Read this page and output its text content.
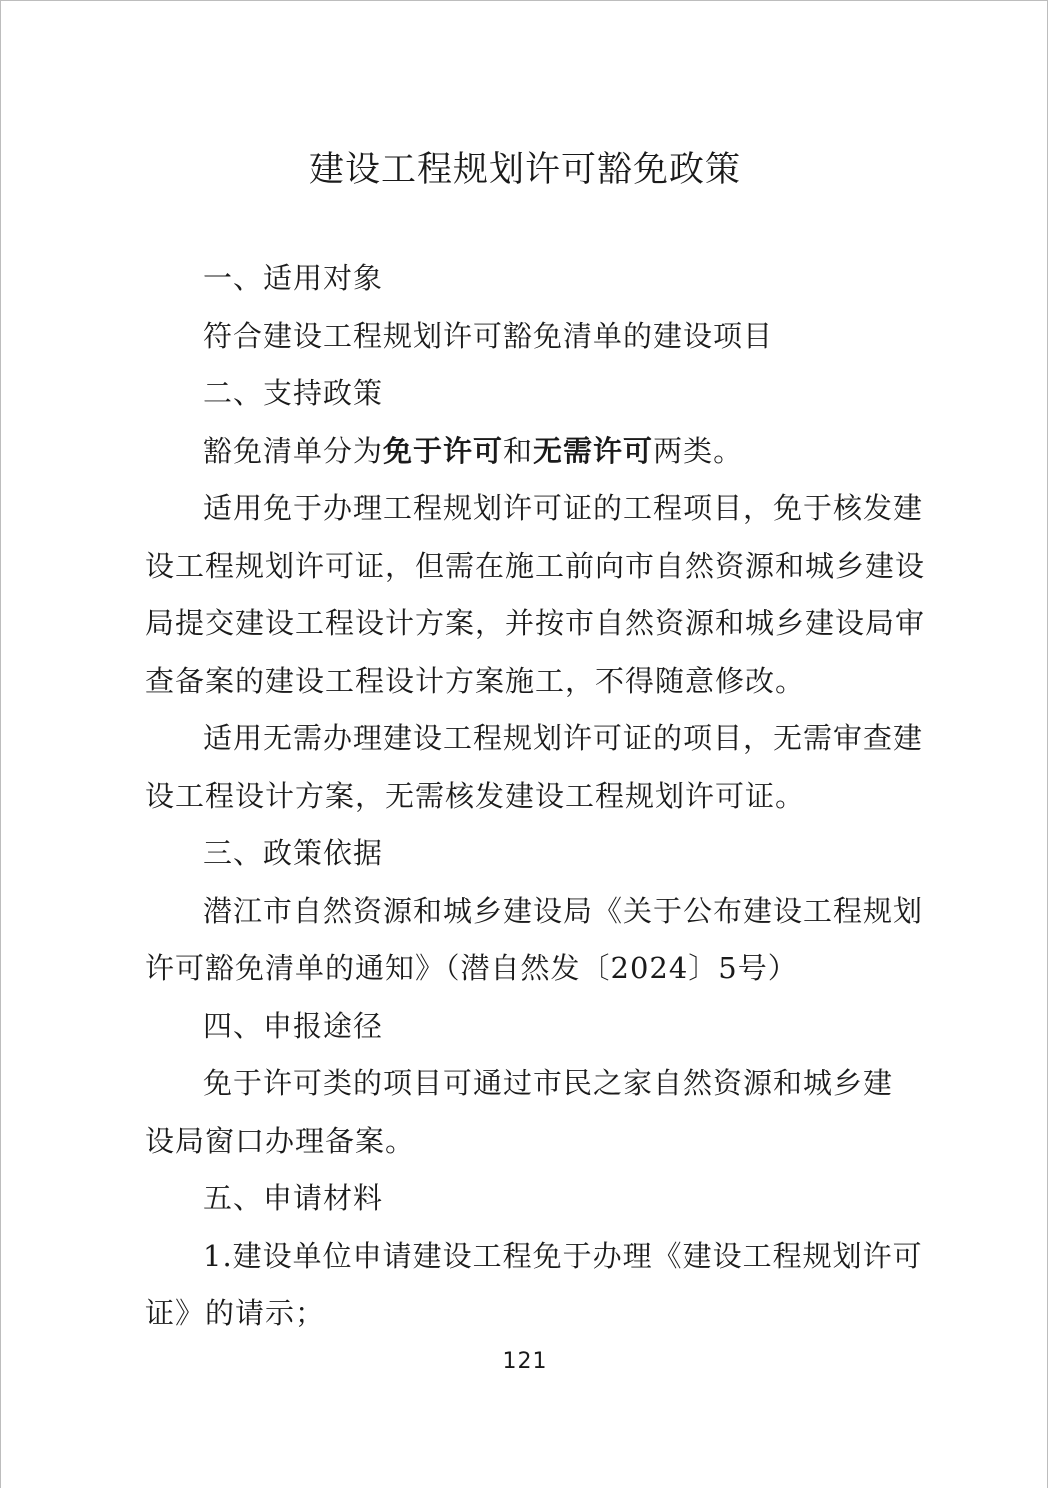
建设工程规划许可豁免政策
一、适用对象
符合建设工程规划许可豁免清单的建设项目
二、支持政策
豁免清单分为免于许可和无需许可两类。
适用免于办理工程规划许可证的工程项目，免于核发建
设工程规划许可证，但需在施工前向市自然资源和城乡建设
局提交建设工程设计方案，并按市自然资源和城乡建设局审
查备案的建设工程设计方案施工，不得随意修改。
适用无需办理建设工程规划许可证的项目，无需审查建
设工程设计方案，无需核发建设工程规划许可证。
三、政策依据
潜江市自然资源和城乡建设局《关于公布建设工程规划
许可豁免清单的通知》（潜自然发〔2024〕5号）
四、申报途径
免于许可类的项目可通过市民之家自然资源和城乡建
设局窗口办理备案。
五、申请材料
1.建设单位申请建设工程免于办理《建设工程规划许可
证》的请示；
121
